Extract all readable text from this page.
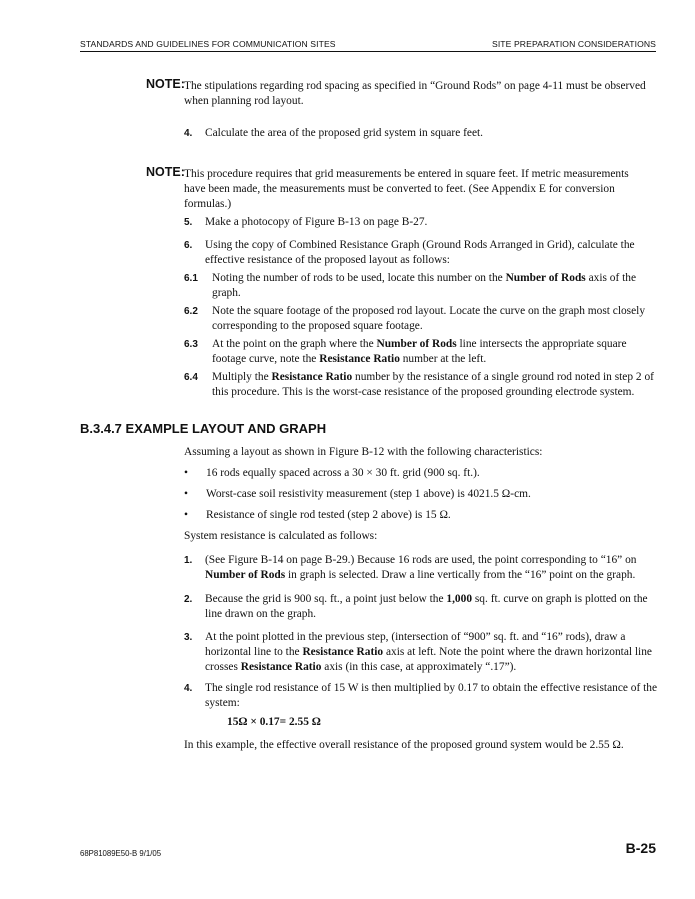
STANDARDS AND GUIDELINES FOR COMMUNICATION SITES	SITE PREPARATION CONSIDERATIONS
NOTE: The stipulations regarding rod spacing as specified in “Ground Rods” on page 4-11 must be observed when planning rod layout.
4. Calculate the area of the proposed grid system in square feet.
NOTE: This procedure requires that grid measurements be entered in square feet. If metric measurements have been made, the measurements must be converted to feet. (See Appendix E for conversion formulas.)
5. Make a photocopy of Figure B-13 on page B-27.
6. Using the copy of Combined Resistance Graph (Ground Rods Arranged in Grid), calculate the effective resistance of the proposed layout as follows:
6.1 Noting the number of rods to be used, locate this number on the Number of Rods axis of the graph.
6.2 Note the square footage of the proposed rod layout. Locate the curve on the graph most closely corresponding to the proposed square footage.
6.3 At the point on the graph where the Number of Rods line intersects the appropriate square footage curve, note the Resistance Ratio number at the left.
6.4 Multiply the Resistance Ratio number by the resistance of a single ground rod noted in step 2 of this procedure. This is the worst-case resistance of the proposed grounding electrode system.
B.3.4.7 EXAMPLE LAYOUT AND GRAPH
Assuming a layout as shown in Figure B-12 with the following characteristics:
• 16 rods equally spaced across a 30 × 30 ft. grid (900 sq. ft.).
• Worst-case soil resistivity measurement (step 1 above) is 4021.5 Ω-cm.
• Resistance of single rod tested (step 2 above) is 15 Ω.
System resistance is calculated as follows:
1. (See Figure B-14 on page B-29.) Because 16 rods are used, the point corresponding to “16” on Number of Rods in graph is selected. Draw a line vertically from the “16” point on the graph.
2. Because the grid is 900 sq. ft., a point just below the 1,000 sq. ft. curve on graph is plotted on the line drawn on the graph.
3. At the point plotted in the previous step, (intersection of “900” sq. ft. and “16” rods), draw a horizontal line to the Resistance Ratio axis at left. Note the point where the drawn horizontal line crosses Resistance Ratio axis (in this case, at approximately “.17”).
4. The single rod resistance of 15 W is then multiplied by 0.17 to obtain the effective resistance of the system:
15Ω × 0.17= 2.55 Ω
In this example, the effective overall resistance of the proposed ground system would be 2.55 Ω.
68P81089E50-B 9/1/05	B-25
